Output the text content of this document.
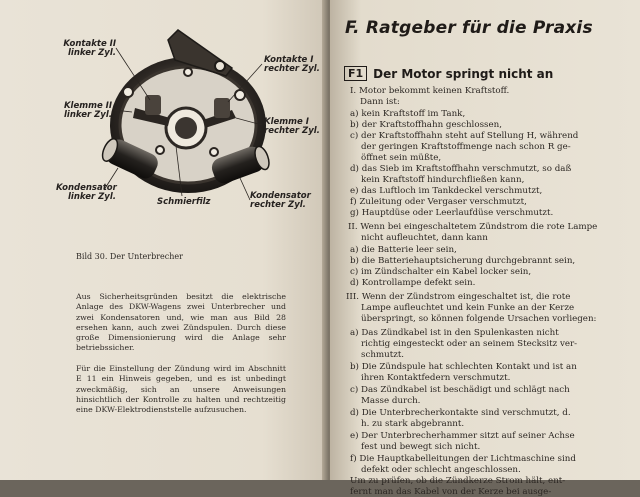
Kontakte II
linker Zyl.
Klemme II
linker Zyl.
Kondensator
linker Zyl.
Kontakte I
rechter Zyl.
Klemme I
rechter Zyl.
Kondensator
rechter Zyl.
Schmierfilz
Bild 30. Der Unterbrecher

Aus Sicherheitsgründen besitzt die elektrische Anlage des DKW-Wagens zwei Unterbrecher und zwei Kondensatoren und, wie man aus Bild 28 ersehen kann, auch zwei Zündspulen. Durch diese große Dimensionierung wird die Anlage sehr betriebssicher.

Für die Einstellung der Zündung wird im Abschnitt E 11 ein Hinweis gegeben, und es ist unbedingt zweckmäßig, sich an unsere Anweisungen hinsichtlich der Kontrolle zu halten und rechtzeitig eine DKW-Elektrodienststelle aufzusuchen.

F. Ratgeber für die Praxis
F1 Der Motor springt nicht an
I. Motor bekommt keinen Kraftstoff.
Dann ist:
a) kein Kraftstoff im Tank,
b) der Kraftstoffhahn geschlossen,
c) der Kraftstoffhahn steht auf Stellung H, während
der geringen Kraftstoffmenge nach schon R ge-
öffnet sein müßte,
d) das Sieb im Kraftstoffhahn verschmutzt, so daß
kein Kraftstoff hindurchfließen kann,
e) das Luftloch im Tankdeckel verschmutzt,
f) Zuleitung oder Vergaser verschmutzt,
g) Hauptdüse oder Leerlaufdüse verschmutzt.
II. Wenn bei eingeschaltetem Zündstrom die rote Lampe
nicht aufleuchtet, dann kann
a) die Batterie leer sein,
b) die Batteriehauptsicherung durchgebrannt sein,
c) im Zündschalter ein Kabel locker sein,
d) Kontrollampe defekt sein.
III. Wenn der Zündstrom eingeschaltet ist, die rote
Lampe aufleuchtet und kein Funke an der Kerze
überspringt, so können folgende Ursachen vorliegen:
a) Das Zündkabel ist in den Spulenkasten nicht
richtig eingesteckt oder an seinem Stecksitz ver-
schmutzt.
b) Die Zündspule hat schlechten Kontakt und ist an
ihren Kontaktfedern verschmutzt.
c) Das Zündkabel ist beschädigt und schlägt nach
Masse durch.
d) Die Unterbrecherkontakte sind verschmutzt, d.
h. zu stark abgebrannt.
e) Der Unterbrecherhammer sitzt auf seiner Achse
fest und bewegt sich nicht.
f) Die Hauptkabelleitungen der Lichtmaschine sind
defekt oder schlecht angeschlossen.
Um zu prüfen, ob die Zündkerze Strom hält, ent-
fernt man das Kabel von der Kerze bei ausge-
